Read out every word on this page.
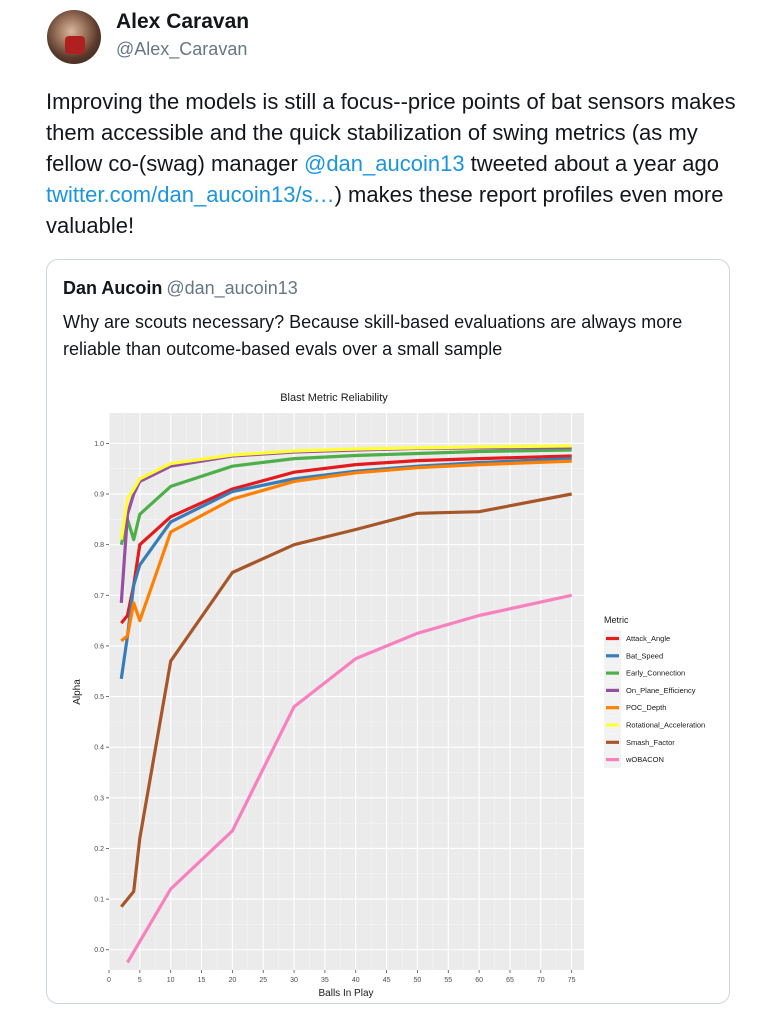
Alex Caravan
@Alex_Caravan
Improving the models is still a focus--price points of bat sensors makes them accessible and the quick stabilization of swing metrics (as my fellow co-(swag) manager @dan_aucoin13 tweeted about a year ago twitter.com/dan_aucoin13/s…) makes these report profiles even more valuable!
Dan Aucoin @dan_aucoin13
Why are scouts necessary? Because skill-based evaluations are always more reliable than outcome-based evals over a small sample
Blast Metric Reliability
0.0
0.1
0.2
0.3
0.4
0.5
0.6
0.7
0.8
0.9
1.0
0	5	10	15	20	25	30	35	40	45	50	55	60	65	70	75
Balls In Play
Alpha
Metric
Attack_Angle
Bat_Speed
Early_Connection
On_Plane_Efficiency
POC_Depth
Rotational_Acceleration
Smash_Factor
wOBACON
